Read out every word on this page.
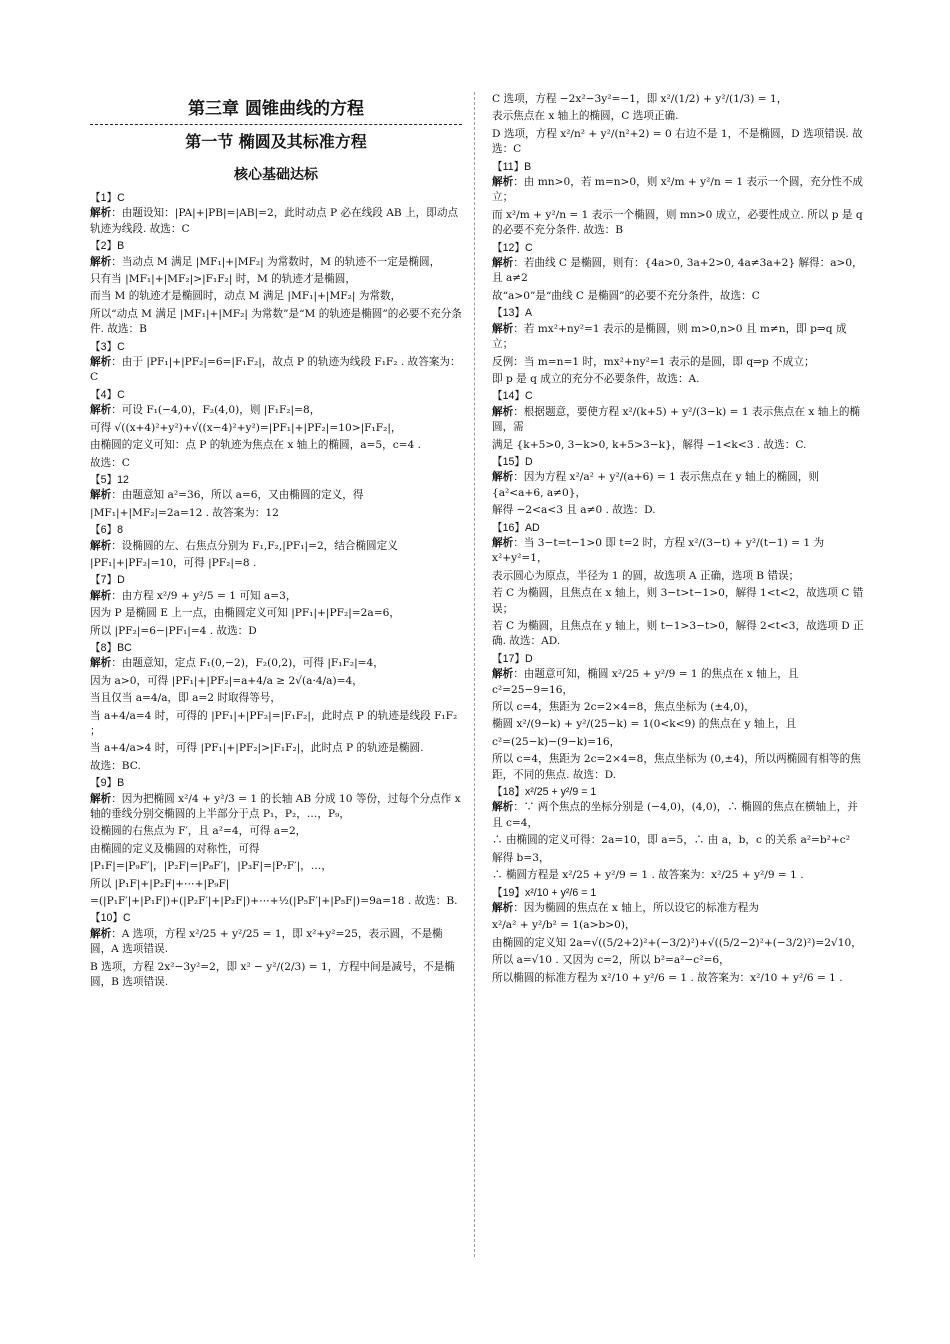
第三章 圆锥曲线的方程
第一节 椭圆及其标准方程
核心基础达标
【1】C
解析：由题设知：|PA|+|PB|=|AB|=2，此时动点 P 必在线段 AB 上，即动点轨迹为线段. 故选：C
【2】B
解析：当动点 M 满足 |MF₁|+|MF₂| 为常数时，M 的轨迹不一定是椭圆，
只有当 |MF₁|+|MF₂|>|F₁F₂| 时，M 的轨迹才是椭圆，
而当 M 的轨迹才是椭圆时，动点 M 满足 |MF₁|+|MF₂| 为常数，
所以“动点 M 满足 |MF₁|+|MF₂| 为常数”是“M 的轨迹是椭圆”的必要不充分条件. 故选：B
【3】C
解析：由于 |PF₁|+|PF₂|=6=|F₁F₂|，故点 P 的轨迹为线段 F₁F₂ . 故答案为：C
【4】C
解析：可设 F₁(−4,0)，F₂(4,0)，则 |F₁F₂|=8，
可得 √((x+4)²+y²)+√((x−4)²+y²)=|PF₁|+|PF₂|=10>|F₁F₂|，
由椭圆的定义可知：点 P 的轨迹为焦点在 x 轴上的椭圆，a=5，c=4 .
故选：C
【5】12
解析：由题意知 a²=36，所以 a=6，又由椭圆的定义，得
|MF₁|+|MF₂|=2a=12 . 故答案为：12
【6】8
解析：设椭圆的左、右焦点分别为 F₁,F₂,|PF₁|=2，结合椭圆定义
|PF₁|+|PF₂|=10，可得 |PF₂|=8 .
【7】D
解析：由方程 x²/9 + y²/5 = 1 可知 a=3，
因为 P 是椭圆 E 上一点，由椭圆定义可知 |PF₁|+|PF₂|=2a=6，
所以 |PF₂|=6−|PF₁|=4 . 故选：D
【8】BC
解析：由题意知，定点 F₁(0,−2)，F₂(0,2)，可得 |F₁F₂|=4，
因为 a>0，可得 |PF₁|+|PF₂|=a+4/a ≥ 2√(a·4/a)=4，
当且仅当 a=4/a，即 a=2 时取得等号，
当 a+4/a=4 时，可得的 |PF₁|+|PF₂|=|F₁F₂|，此时点 P 的轨迹是线段 F₁F₂ ；
当 a+4/a>4 时，可得 |PF₁|+|PF₂|>|F₁F₂|，此时点 P 的轨迹是椭圆.
故选：BC.
【9】B
解析：因为把椭圆 x²/4 + y²/3 = 1 的长轴 AB 分成 10 等份，过每个分点作 x 轴的垂线分别交椭圆的上半部分于点 P₁，P₂，…，P₉，
设椭圆的右焦点为 F′，且 a²=4，可得 a=2，
由椭圆的定义及椭圆的对称性，可得
|P₁F|=|P₉F′|，|P₂F|=|P₈F′|，|P₃F|=|P₇F′|，…，
所以 |P₁F|+|P₂F|+⋯+|P₉F|
=(|P₁F′|+|P₁F|)+(|P₂F′|+|P₂F|)+⋯+½(|P₅F′|+|P₅F|)=9a=18 . 故选：B.
【10】C
解析：A 选项，方程 x²/25 + y²/25 = 1，即 x²+y²=25，表示圆，不是椭圆，A 选项错误.
B 选项，方程 2x²−3y²=2，即 x² − y²/(2/3) = 1，方程中间是减号，不是椭圆，B 选项错误.
C 选项，方程 −2x²−3y²=−1，即 x²/(1/2) + y²/(1/3) = 1，
表示焦点在 x 轴上的椭圆，C 选项正确.
D 选项，方程 x²/n² + y²/(n²+2) = 0 右边不是 1，不是椭圆，D 选项错误. 故选：C
【11】B
解析：由 mn>0，若 m=n>0，则 x²/m + y²/n = 1 表示一个圆，充分性不成立；
而 x²/m + y²/n = 1 表示一个椭圆，则 mn>0 成立，必要性成立. 所以 p 是 q 的必要不充分条件. 故选：B
【12】C
解析：若曲线 C 是椭圆，则有：{4a>0, 3a+2>0, 4a≠3a+2} 解得：a>0，且 a≠2
故“a>0”是“曲线 C 是椭圆”的必要不充分条件，故选：C
【13】A
解析：若 mx²+ny²=1 表示的是椭圆，则 m>0,n>0 且 m≠n，即 p⇒q 成立；
反例：当 m=n=1 时，mx²+ny²=1 表示的是圆，即 q⇒p 不成立；
即 p 是 q 成立的充分不必要条件，故选：A.
【14】C
解析：根据题意，要使方程 x²/(k+5) + y²/(3−k) = 1 表示焦点在 x 轴上的椭圆，需
满足 {k+5>0, 3−k>0, k+5>3−k}，解得 −1<k<3 . 故选：C.
【15】D
解析：因为方程 x²/a² + y²/(a+6) = 1 表示焦点在 y 轴上的椭圆，则 {a²<a+6, a≠0}，
解得 −2<a<3 且 a≠0 . 故选：D.
【16】AD
解析：当 3−t=t−1>0 即 t=2 时，方程 x²/(3−t) + y²/(t−1) = 1 为 x²+y²=1，
表示圆心为原点，半径为 1 的圆，故选项 A 正确，选项 B 错误；
若 C 为椭圆，且焦点在 x 轴上，则 3−t>t−1>0，解得 1<t<2，故选项 C 错误；
若 C 为椭圆，且焦点在 y 轴上，则 t−1>3−t>0，解得 2<t<3，故选项 D 正确. 故选：AD.
【17】D
解析：由题意可知，椭圆 x²/25 + y²/9 = 1 的焦点在 x 轴上，且 c²=25−9=16，
所以 c=4，焦距为 2c=2×4=8，焦点坐标为 (±4,0)，
椭圆 x²/(9−k) + y²/(25−k) = 1(0<k<9) 的焦点在 y 轴上，且
c²=(25−k)−(9−k)=16，
所以 c=4，焦距为 2c=2×4=8，焦点坐标为 (0,±4)，所以两椭圆有相等的焦距，不同的焦点. 故选：D.
【18】x²/25 + y²/9 = 1
解析：∵ 两个焦点的坐标分别是 (−4,0)，(4,0)，∴ 椭圆的焦点在横轴上，并且 c=4，
∴ 由椭圆的定义可得：2a=10，即 a=5，∴ 由 a，b，c 的关系 a²=b²+c²
解得 b=3，
∴ 椭圆方程是 x²/25 + y²/9 = 1 . 故答案为：x²/25 + y²/9 = 1 .
【19】x²/10 + y²/6 = 1
解析：因为椭圆的焦点在 x 轴上，所以设它的标准方程为
x²/a² + y²/b² = 1(a>b>0)，
由椭圆的定义知 2a=√((5/2+2)²+(−3/2)²)+√((5/2−2)²+(−3/2)²)=2√10，
所以 a=√10 . 又因为 c=2，所以 b²=a²−c²=6，
所以椭圆的标准方程为 x²/10 + y²/6 = 1 . 故答案为：x²/10 + y²/6 = 1 .
